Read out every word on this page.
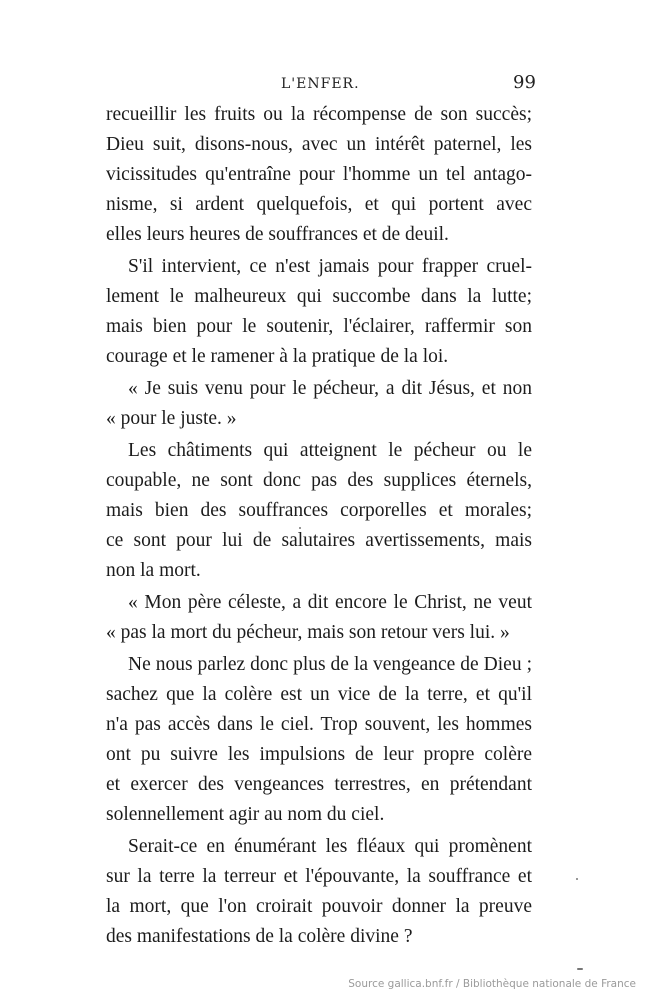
L'ENFER.	99
recueillir les fruits ou la récompense de son succès;
Dieu suit, disons-nous, avec un intérêt paternel, les
vicissitudes qu'entraîne pour l'homme un tel antago-
nisme, si ardent quelquefois, et qui portent avec
elles leurs heures de souffrances et de deuil.
S'il intervient, ce n'est jamais pour frapper cruel-
lement le malheureux qui succombe dans la lutte;
mais bien pour le soutenir, l'éclairer, raffermir son
courage et le ramener à la pratique de la loi.
« Je suis venu pour le pécheur, a dit Jésus, et non
« pour le juste. »
Les châtiments qui atteignent le pécheur ou le
coupable, ne sont donc pas des supplices éternels,
mais bien des souffrances corporelles et morales;
ce sont pour lui de salutaires avertissements, mais
non la mort.
« Mon père céleste, a dit encore le Christ, ne veut
« pas la mort du pécheur, mais son retour vers lui. »
Ne nous parlez donc plus de la vengeance de Dieu ;
sachez que la colère est un vice de la terre, et qu'il
n'a pas accès dans le ciel. Trop souvent, les hommes
ont pu suivre les impulsions de leur propre colère
et exercer des vengeances terrestres, en prétendant
solennellement agir au nom du ciel.
Serait-ce en énumérant les fléaux qui promènent
sur la terre la terreur et l'épouvante, la souffrance et
la mort, que l'on croirait pouvoir donner la preuve
des manifestations de la colère divine ?
Source gallica.bnf.fr / Bibliothèque nationale de France
